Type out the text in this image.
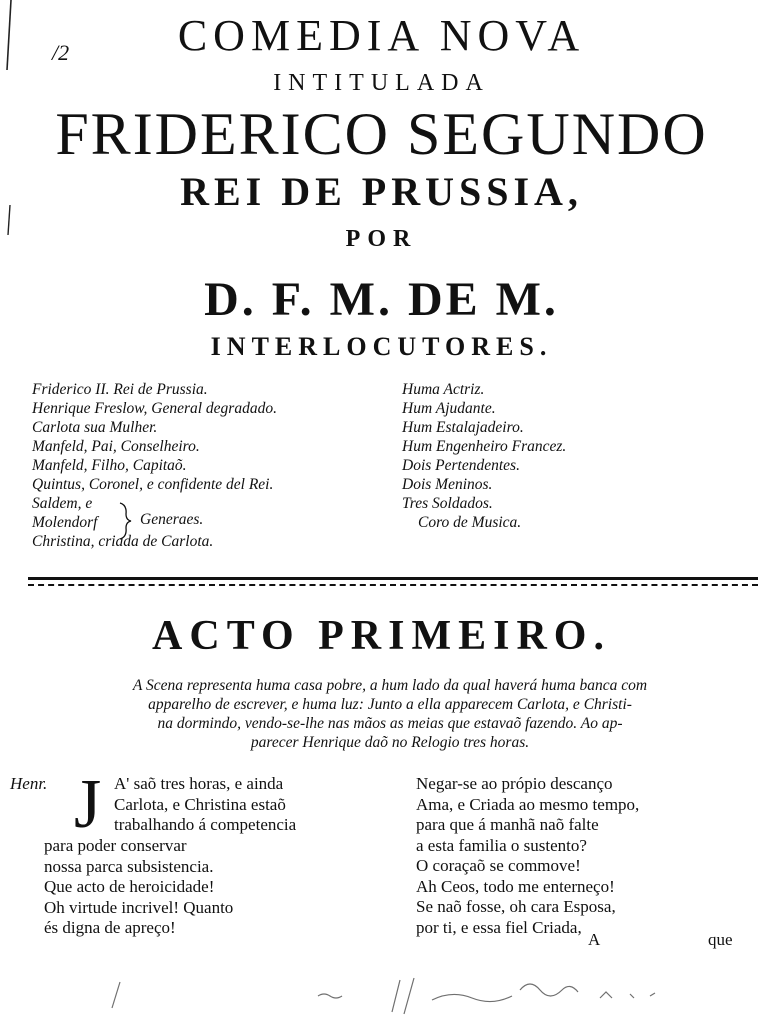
/2	COMEDIA NOVA
INTITULADA
FRIDERICO SEGUNDO
REI DE PRUSSIA,
POR
D. F. M. DE M.
INTERLOCUTORES.
Friderico II. Rei de Prussia.
Henrique Freslow, General degradado.
Carlota sua Mulher.
Manfeld, Pai, Conselheiro.
Manfeld, Filho, Capitaõ.
Quintus, Coronel, e confidente del Rei.
Saldem, e
Molendorf
Christina, criada de Carlota.
Generaes.
Huma Actriz.
Hum Ajudante.
Hum Estalajadeiro.
Hum Engenheiro Francez.
Dois Pertendentes.
Dois Meninos.
Tres Soldados.
Coro de Musica.
ACTO PRIMEIRO.
A Scena representa huma casa pobre, a hum lado da qual haverá huma banca com
apparelho de escrever, e huma luz: Junto a ella apparecem Carlota, e Christi-
na dormindo, vendo-se-lhe nas mãos as meias que estavaõ fazendo. Ao ap-
parecer Henrique daõ no Relogio tres horas.
Henr. J A' saõ tres horas, e ainda
Carlota, e Christina estaõ
trabalhando á competencia
para poder conservar
nossa parca subsistencia.
Que acto de heroicidade!
Oh virtude incrivel! Quanto
és digna de apreço!
Negar-se ao própio descanço
Ama, e Criada ao mesmo tempo,
para que á manhã naõ falte
a esta familia o sustento?
O coraçaõ se commove!
Ah Ceos, todo me enterneço!
Se naõ fosse, oh cara Esposa,
por ti, e essa fiel Criada,
A	que
